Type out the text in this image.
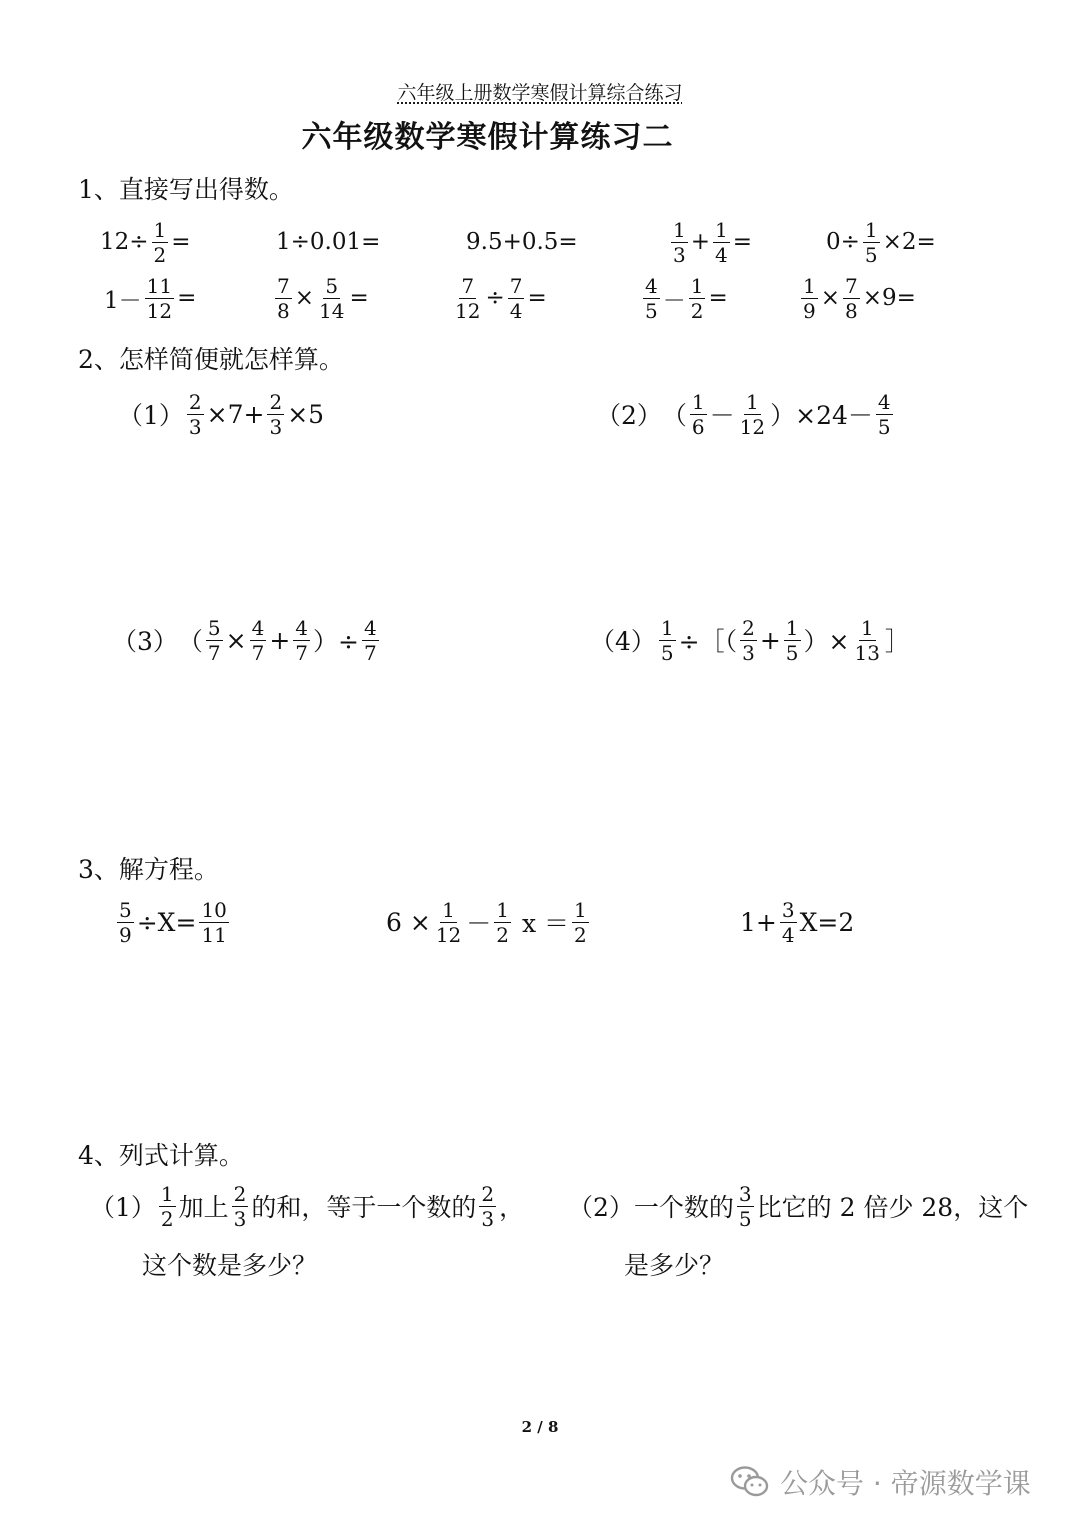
六年级上册数学寒假计算综合练习
六年级数学寒假计算练习二
1、直接写出得数。
$12\div \frac{1}{2}$ =	1÷0.01=	9.5+0.5=	$\frac{1}{3} + \frac{1}{4}$ =	$0\div \frac{1}{5} \times 2=$
$1- \frac{11}{12}$ =	$\frac{7}{8} \times \frac{5}{14}$ =	$\frac{7}{12} \div \frac{7}{4}$ =	$\frac{4}{5} - \frac{1}{2}$ =	$\frac{1}{9} \times \frac{7}{8} \times 9=$
2、怎样简便就怎样算。
$(1) \frac{2}{3} \times 7+ \frac{2}{3} \times 5$	（2） （ $\frac{1}{6} - \frac{1}{12} )\times 24- \frac{4}{5}$
（3） （ $\frac{5}{7} \times \frac{4}{7} + \frac{4}{7}$ ）÷ $\frac{4}{7}$	$(4) \frac{1}{5}$ ÷［（ $\frac{2}{3} + \frac{1}{5}$ ）× $\frac{1}{13}$ ］
3、解方程。
$\frac{5}{9} \div X= \frac{10}{11}$	$6 \times \frac{1}{12} - \frac{1}{2}$ $x = \frac{1}{2}$	$1+ \frac{3}{4} X=2$
4、列式计算。
$(1) \frac{1}{2}$ 加上 $\frac{2}{3}$ 的和，等于一个数的 $\frac{2}{3}$ ，
这个数是多少？
（2）一个数的 $\frac{3}{5}$ 比它的 2 倍少 28，这个
是多少？
2 / 8
公众号 · 帝源数学课
